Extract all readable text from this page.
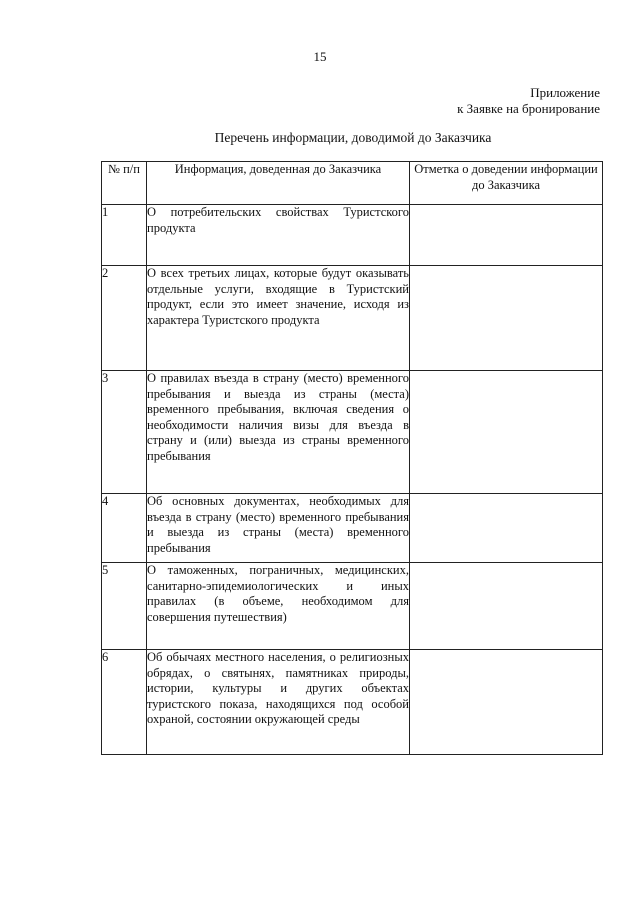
15
Приложение
к Заявке на бронирование
Перечень информации, доводимой до Заказчика
№ п/п	Информация, доведенная до Заказчика	Отметка о доведении информации до Заказчика
1	О потребительских свойствах Туристского продукта	

2	О всех третьих лицах, которые будут оказывать отдельные услуги, входящие в Туристский продукт, если это имеет значение, исходя из характера Туристского продукта	

3	О правилах въезда в страну (место) временного пребывания и выезда из страны (места) временного пребывания, включая сведения о необходимости наличия визы для въезда в страну и (или) выезда из страны временного пребывания	

4	Об основных документах, необходимых для въезда в страну (место) временного пребывания и выезда из страны (места) временного пребывания	

5	О таможенных, пограничных, медицинских, санитарно-эпидемиологических и иных правилах (в объеме, необходимом для совершения путешествия)	

6	Об обычаях местного населения, о религиозных обрядах, о святынях, памятниках природы, истории, культуры и других объектах туристского показа, находящихся под особой охраной, состоянии окружающей среды	
